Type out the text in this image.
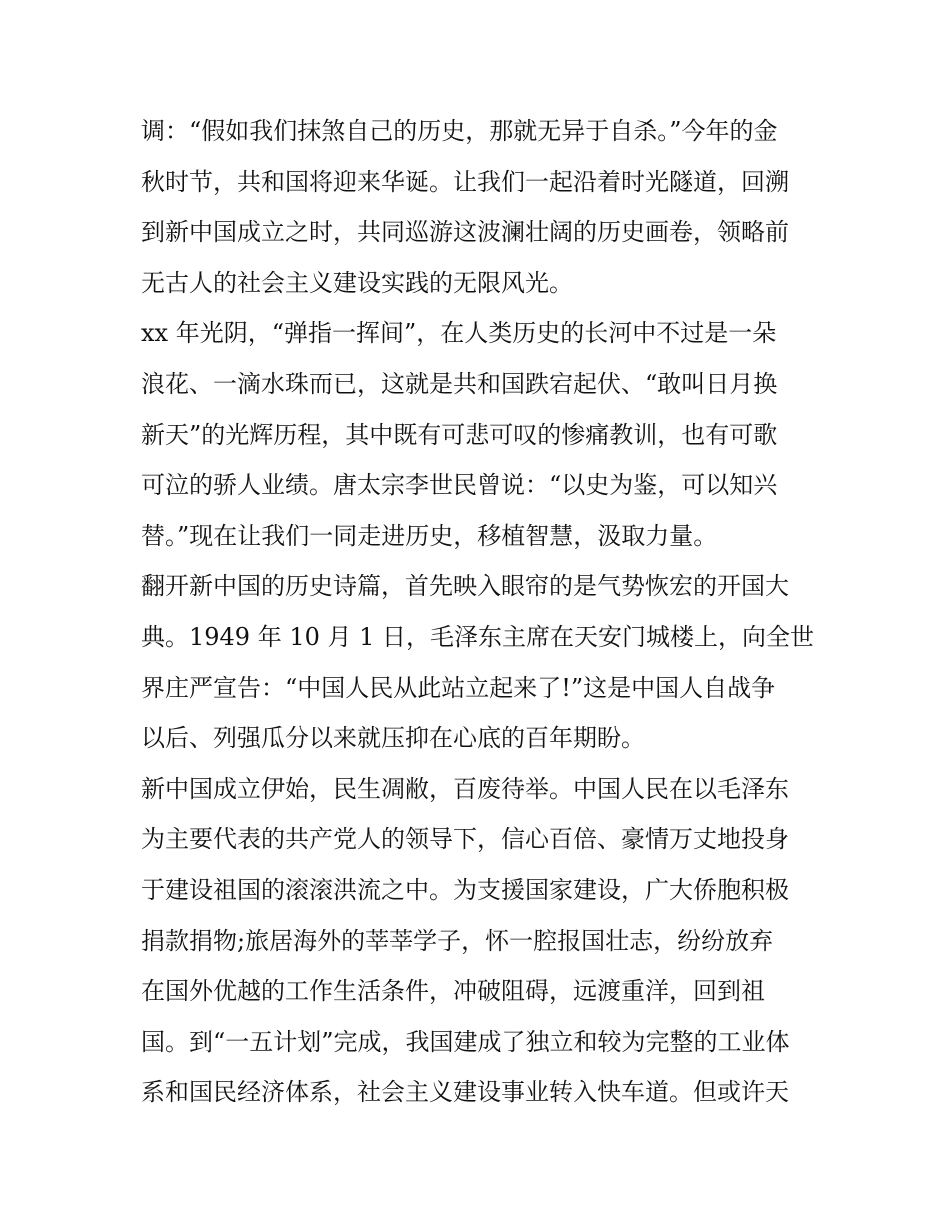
调：“假如我们抹煞自己的历史，那就无异于自杀。”今年的金
秋时节，共和国将迎来华诞。让我们一起沿着时光隧道，回溯
到新中国成立之时，共同巡游这波澜壮阔的历史画卷，领略前
无古人的社会主义建设实践的无限风光。
xx 年光阴，“弹指一挥间”，在人类历史的长河中不过是一朵
浪花、一滴水珠而已，这就是共和国跌宕起伏、“敢叫日月换
新天”的光辉历程，其中既有可悲可叹的惨痛教训，也有可歌
可泣的骄人业绩。唐太宗李世民曾说：“以史为鉴，可以知兴
替。”现在让我们一同走进历史，移植智慧，汲取力量。
翻开新中国的历史诗篇，首先映入眼帘的是气势恢宏的开国大
典。1949 年 10 月 1 日，毛泽东主席在天安门城楼上，向全世
界庄严宣告：“中国人民从此站立起来了!”这是中国人自战争
以后、列强瓜分以来就压抑在心底的百年期盼。
新中国成立伊始，民生凋敝，百废待举。中国人民在以毛泽东
为主要代表的共产党人的领导下，信心百倍、豪情万丈地投身
于建设祖国的滚滚洪流之中。为支援国家建设，广大侨胞积极
捐款捐物;旅居海外的莘莘学子，怀一腔报国壮志，纷纷放弃
在国外优越的工作生活条件，冲破阻碍，远渡重洋，回到祖
国。到“一五计划”完成，我国建成了独立和较为完整的工业体
系和国民经济体系，社会主义建设事业转入快车道。但或许天
